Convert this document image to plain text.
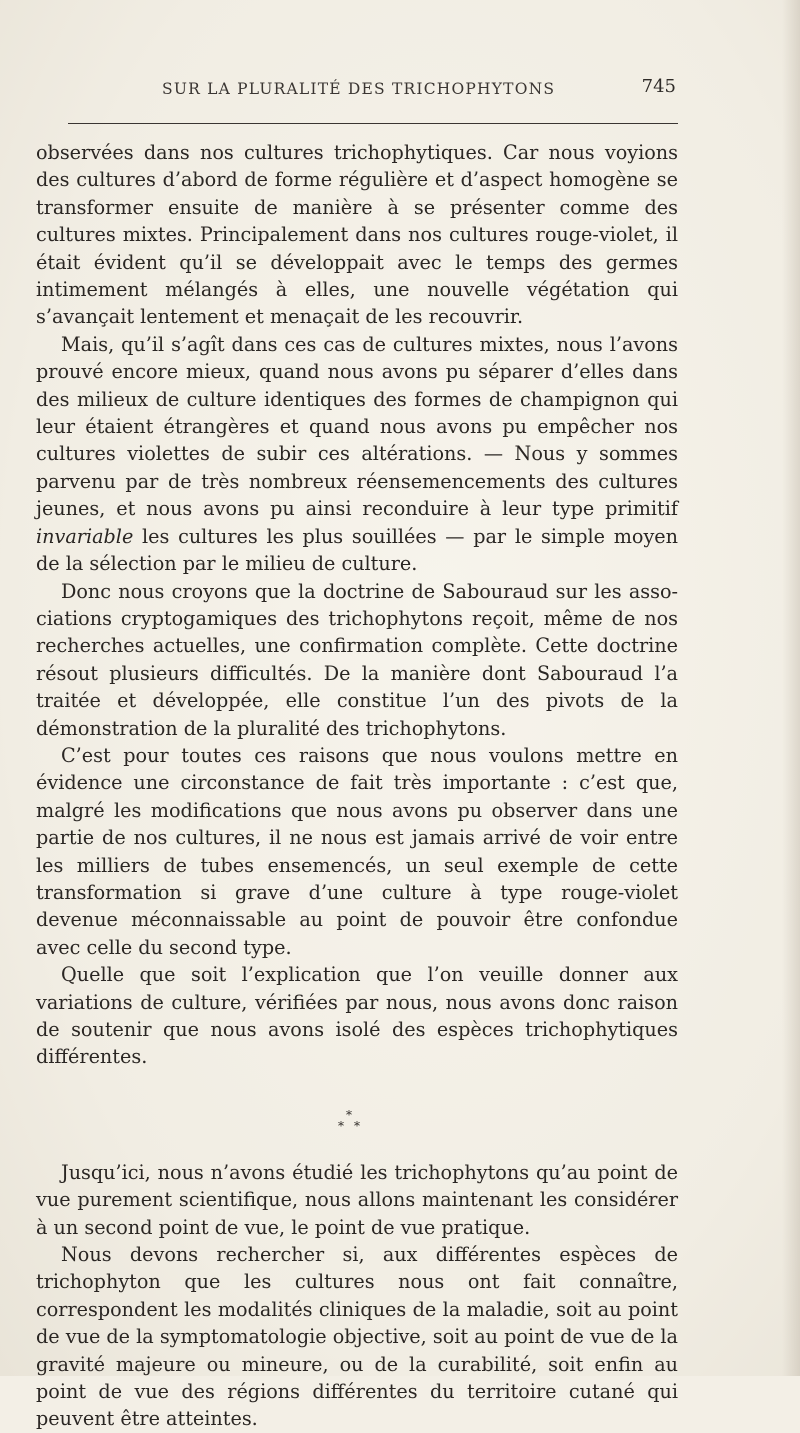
SUR LA PLURALITÉ DES TRICHOPHYTONS	745

observées dans nos cultures trichophytiques. Car nous voyions des cultures d’abord de forme régulière et d’aspect homogène se transformer ensuite de manière à se présenter comme des cultures mixtes. Principalement dans nos cultures rouge-violet, il était évident qu’il se développait avec le temps des germes intimement mélangés à elles, une nouvelle végétation qui s’avançait lentement et menaçait de les recouvrir.

Mais, qu’il s’agît dans ces cas de cultures mixtes, nous l’avons prouvé encore mieux, quand nous avons pu séparer d’elles dans des milieux de culture identiques des formes de champignon qui leur étaient étrangères et quand nous avons pu empêcher nos cultures violettes de subir ces altérations. — Nous y sommes parvenu par de très nombreux réensemencements des cultures jeunes, et nous avons pu ainsi reconduire à leur type primitif invariable les cultures les plus souillées — par le simple moyen de la sélection par le milieu de culture.

Donc nous croyons que la doctrine de Sabouraud sur les associations cryptogamiques des trichophytons reçoit, même de nos recherches actuelles, une confirmation complète. Cette doctrine résout plusieurs difficultés. De la manière dont Sabouraud l’a traitée et développée, elle constitue l’un des pivots de la démonstration de la pluralité des trichophytons.

C’est pour toutes ces raisons que nous voulons mettre en évidence une circonstance de fait très importante : c’est que, malgré les modifications que nous avons pu observer dans une partie de nos cultures, il ne nous est jamais arrivé de voir entre les milliers de tubes ensemencés, un seul exemple de cette transformation si grave d’une culture à type rouge-violet devenue méconnaissable au point de pouvoir être confondue avec celle du second type.

Quelle que soit l’explication que l’on veuille donner aux variations de culture, vérifiées par nous, nous avons donc raison de soutenir que nous avons isolé des espèces trichophytiques différentes.

*
* *

Jusqu’ici, nous n’avons étudié les trichophytons qu’au point de vue purement scientifique, nous allons maintenant les considérer à un second point de vue, le point de vue pratique.

Nous devons rechercher si, aux différentes espèces de trichophyton que les cultures nous ont fait connaître, correspondent les modalités cliniques de la maladie, soit au point de vue de la symptomatologie objective, soit au point de vue de la gravité majeure ou mineure, ou de la curabilité, soit enfin au point de vue des régions différentes du territoire cutané qui peuvent être atteintes.
